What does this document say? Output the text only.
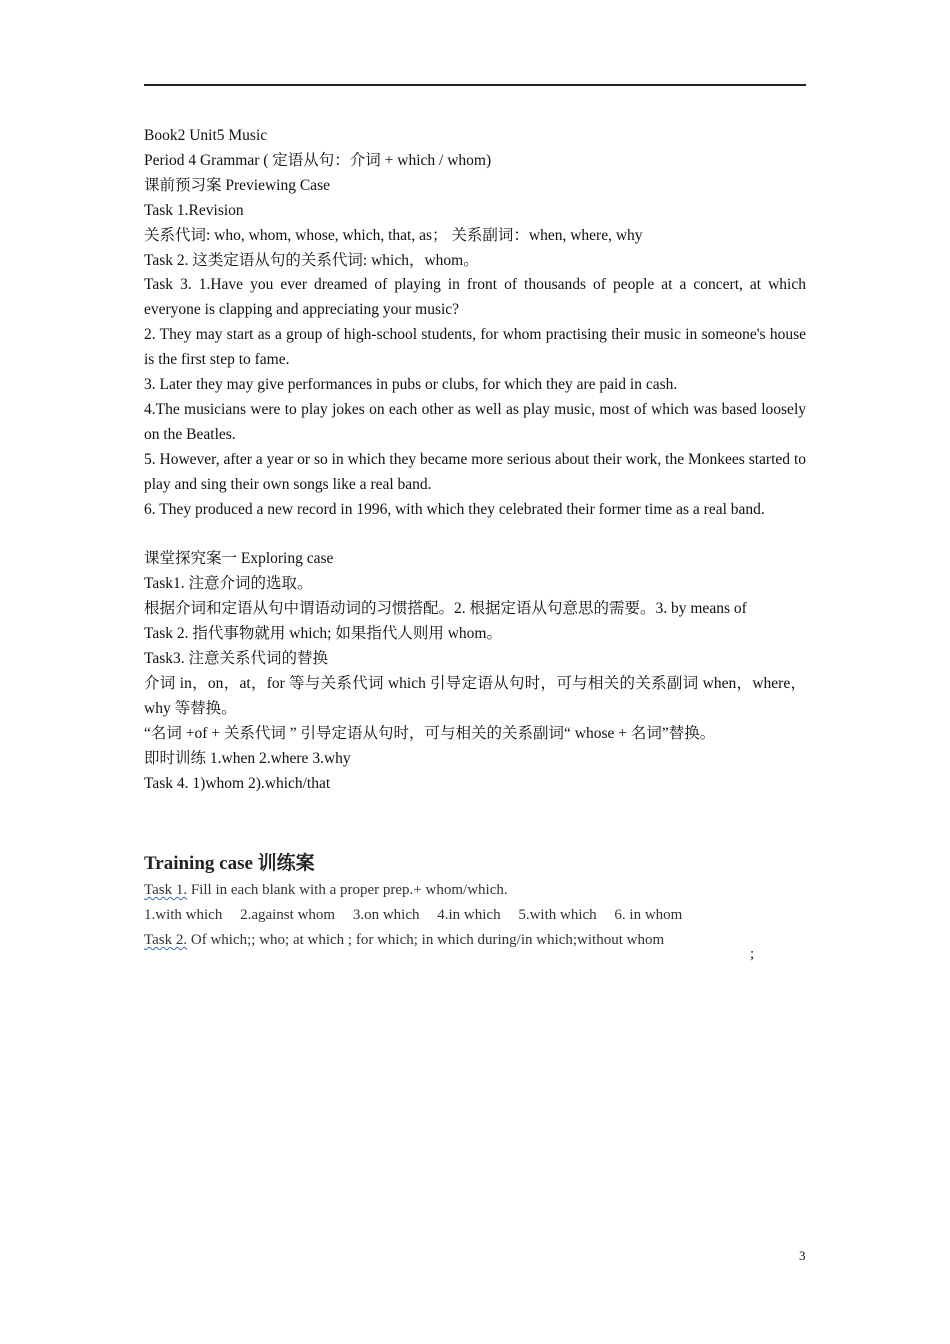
Book2 Unit5 Music
Period 4 Grammar ( 定语从句：介词 + which / whom)
课前预习案 Previewing Case
Task 1.Revision
关系代词: who, whom, whose, which, that, as； 关系副词：when, where, why
Task 2. 这类定语从句的关系代词: which，whom。
Task 3. 1.Have you ever dreamed of playing in front of thousands of people at a concert, at which everyone is clapping and appreciating your music?
2. They may start as a group of high-school students, for whom practising their music in someone's house is the first step to fame.
3. Later they may give performances in pubs or clubs, for which they are paid in cash.
4.The musicians were to play jokes on each other as well as play music, most of which was based loosely on the Beatles.
5. However, after a year or so in which they became more serious about their work, the Monkees started to play and sing their own songs like a real band.
6. They produced a new record in 1996, with which they celebrated their former time as a real band.
课堂探究案一 Exploring case
Task1. 注意介词的选取。
根据介词和定语从句中谓语动词的习惯搭配。2. 根据定语从句意思的需要。3. by means of
Task 2. 指代事物就用 which; 如果指代人则用 whom。
Task3. 注意关系代词的替换
介词 in，on，at，for 等与关系代词 which 引导定语从句时，可与相关的关系副词 when，where，why 等替换。
“名词 +of + 关系代词 ” 引导定语从句时，可与相关的关系副词“ whose + 名词”替换。
即时训练 1.when 2.where 3.why
Task 4. 1)whom 2).which/that
Training case 训练案
Task 1. Fill in each blank with a proper prep.+ whom/which.
1.with which 2.against whom 3.on which 4.in which 5.with which 6. in whom
Task 2. Of which;; who; at which ; for which; in which during/in which;without whom
;
3
